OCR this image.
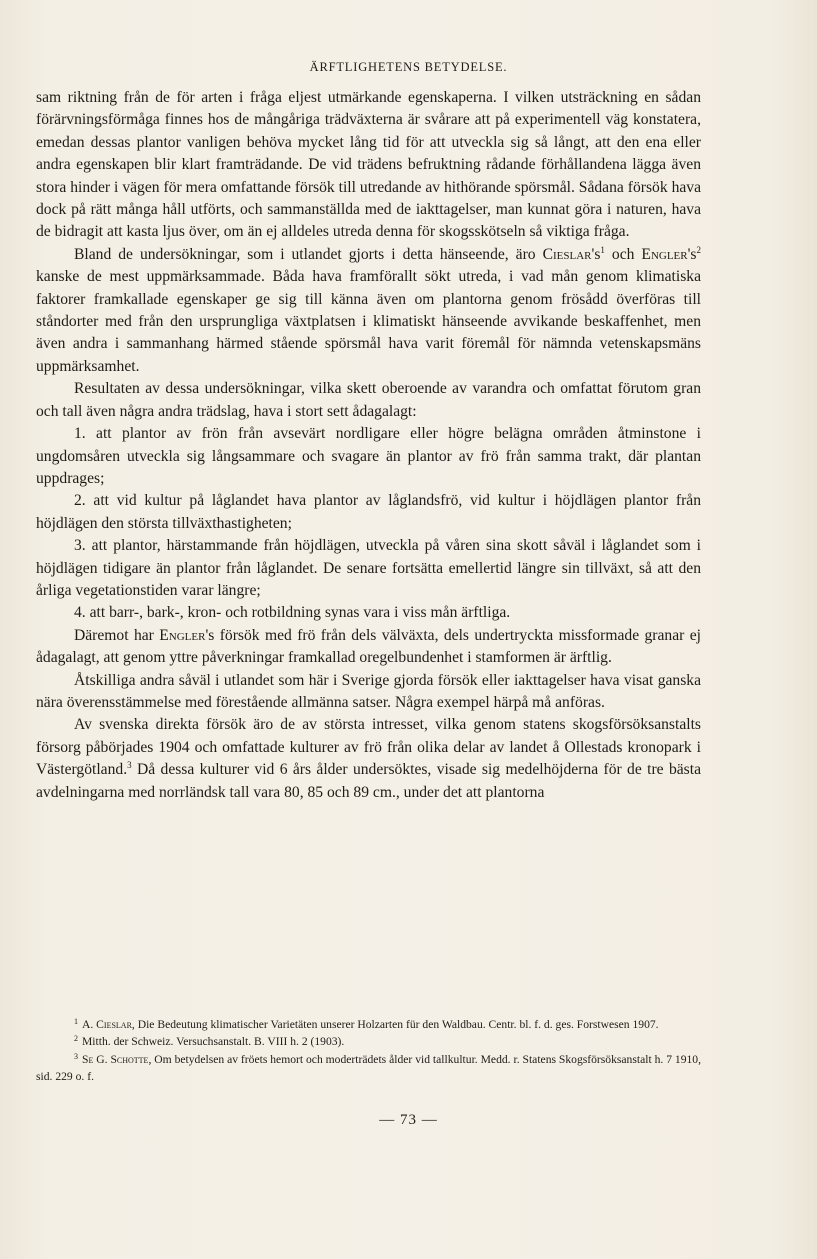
ÄRFTLIGHETENS BETYDELSE.

sam riktning från de för arten i fråga eljest utmärkande egenskaperna. I vilken utsträckning en sådan förärvningsförmåga finnes hos de mångåriga trädväxterna är svårare att på experimentell väg konstatera, emedan dessas plantor vanligen behöva mycket lång tid för att utveckla sig så långt, att den ena eller andra egenskapen blir klart framträdande. De vid trädens befruktning rådande förhållandena lägga även stora hinder i vägen för mera omfattande försök till utredande av hithörande spörsmål. Sådana försök hava dock på rätt många håll utförts, och sammanställda med de iakttagelser, man kunnat göra i naturen, hava de bidragit att kasta ljus över, om än ej alldeles utreda denna för skogsskötseln så viktiga fråga.

Bland de undersökningar, som i utlandet gjorts i detta hänseende, äro $Cieslar's^1$ och $Engler's^2$ kanske de mest uppmärksammade. Båda hava framförallt sökt utreda, i vad mån genom klimatiska faktorer framkallade egenskaper ge sig till känna även om plantorna genom frösådd överföras till ståndorter med från den ursprungliga växtplatsen i klimatiskt hänseende avvikande beskaffenhet, men även andra i sammanhang härmed stående spörsmål hava varit föremål för nämnda vetenskapsmäns uppmärksamhet.

Resultaten av dessa undersökningar, vilka skett oberoende av varandra och omfattat förutom gran och tall även några andra trädslag, hava i stort sett ådagalagt:

1. att plantor av frön från avsevärt nordligare eller högre belägna områden åtminstone i ungdomsåren utveckla sig långsammare och svagare än plantor av frö från samma trakt, där plantan uppdrages;

2. att vid kultur på låglandet hava plantor av låglandsfrö, vid kultur i höjdlägen plantor från höjdlägen den största tillväxthastigheten;

3. att plantor, härstammande från höjdlägen, utveckla på våren sina skott såväl i låglandet som i höjdlägen tidigare än plantor från låglandet. De senare fortsätta emellertid längre sin tillväxt, så att den årliga vegetationstiden varar längre;

4. att barr-, bark-, kron- och rotbildning synas vara i viss mån ärftliga.

Däremot har Engler's försök med frö från dels välväxta, dels undertryckta missformade granar ej ådagalagt, att genom yttre påverkningar framkallad oregelbundenhet i stamformen är ärftlig.

Åtskilliga andra såväl i utlandet som här i Sverige gjorda försök eller iakttagelser hava visat ganska nära överensstämmelse med förestående allmänna satser. Några exempel härpå må anföras.

Av svenska direkta försök äro de av största intresset, vilka genom statens skogsförsöksanstalts försorg påbörjades 1904 och omfattade kulturer av frö från olika delar av landet å Ollestads kronopark i Västergötland.$^3$ Då dessa kulturer vid 6 års ålder undersöktes, visade sig medelhöjderna för de tre bästa avdelningarna med norrländsk tall vara 80, 85 och 89 cm., under det att plantorna

$^1$ A. Cieslar, Die Bedeutung klimatischer Varietäten unserer Holzarten für den Waldbau. Centr. bl. f. d. ges. Forstwesen 1907.

$^2$ Mitth. der Schweiz. Versuchsanstalt. B. VIII h. 2 (1903).

$^3$ Se G. Schotte, Om betydelsen av fröets hemort och moderträdets ålder vid tallkultur. Medd. r. Statens Skogsförsöksanstalt h. 7 1910, sid. 229 o. f.

— 73 —
